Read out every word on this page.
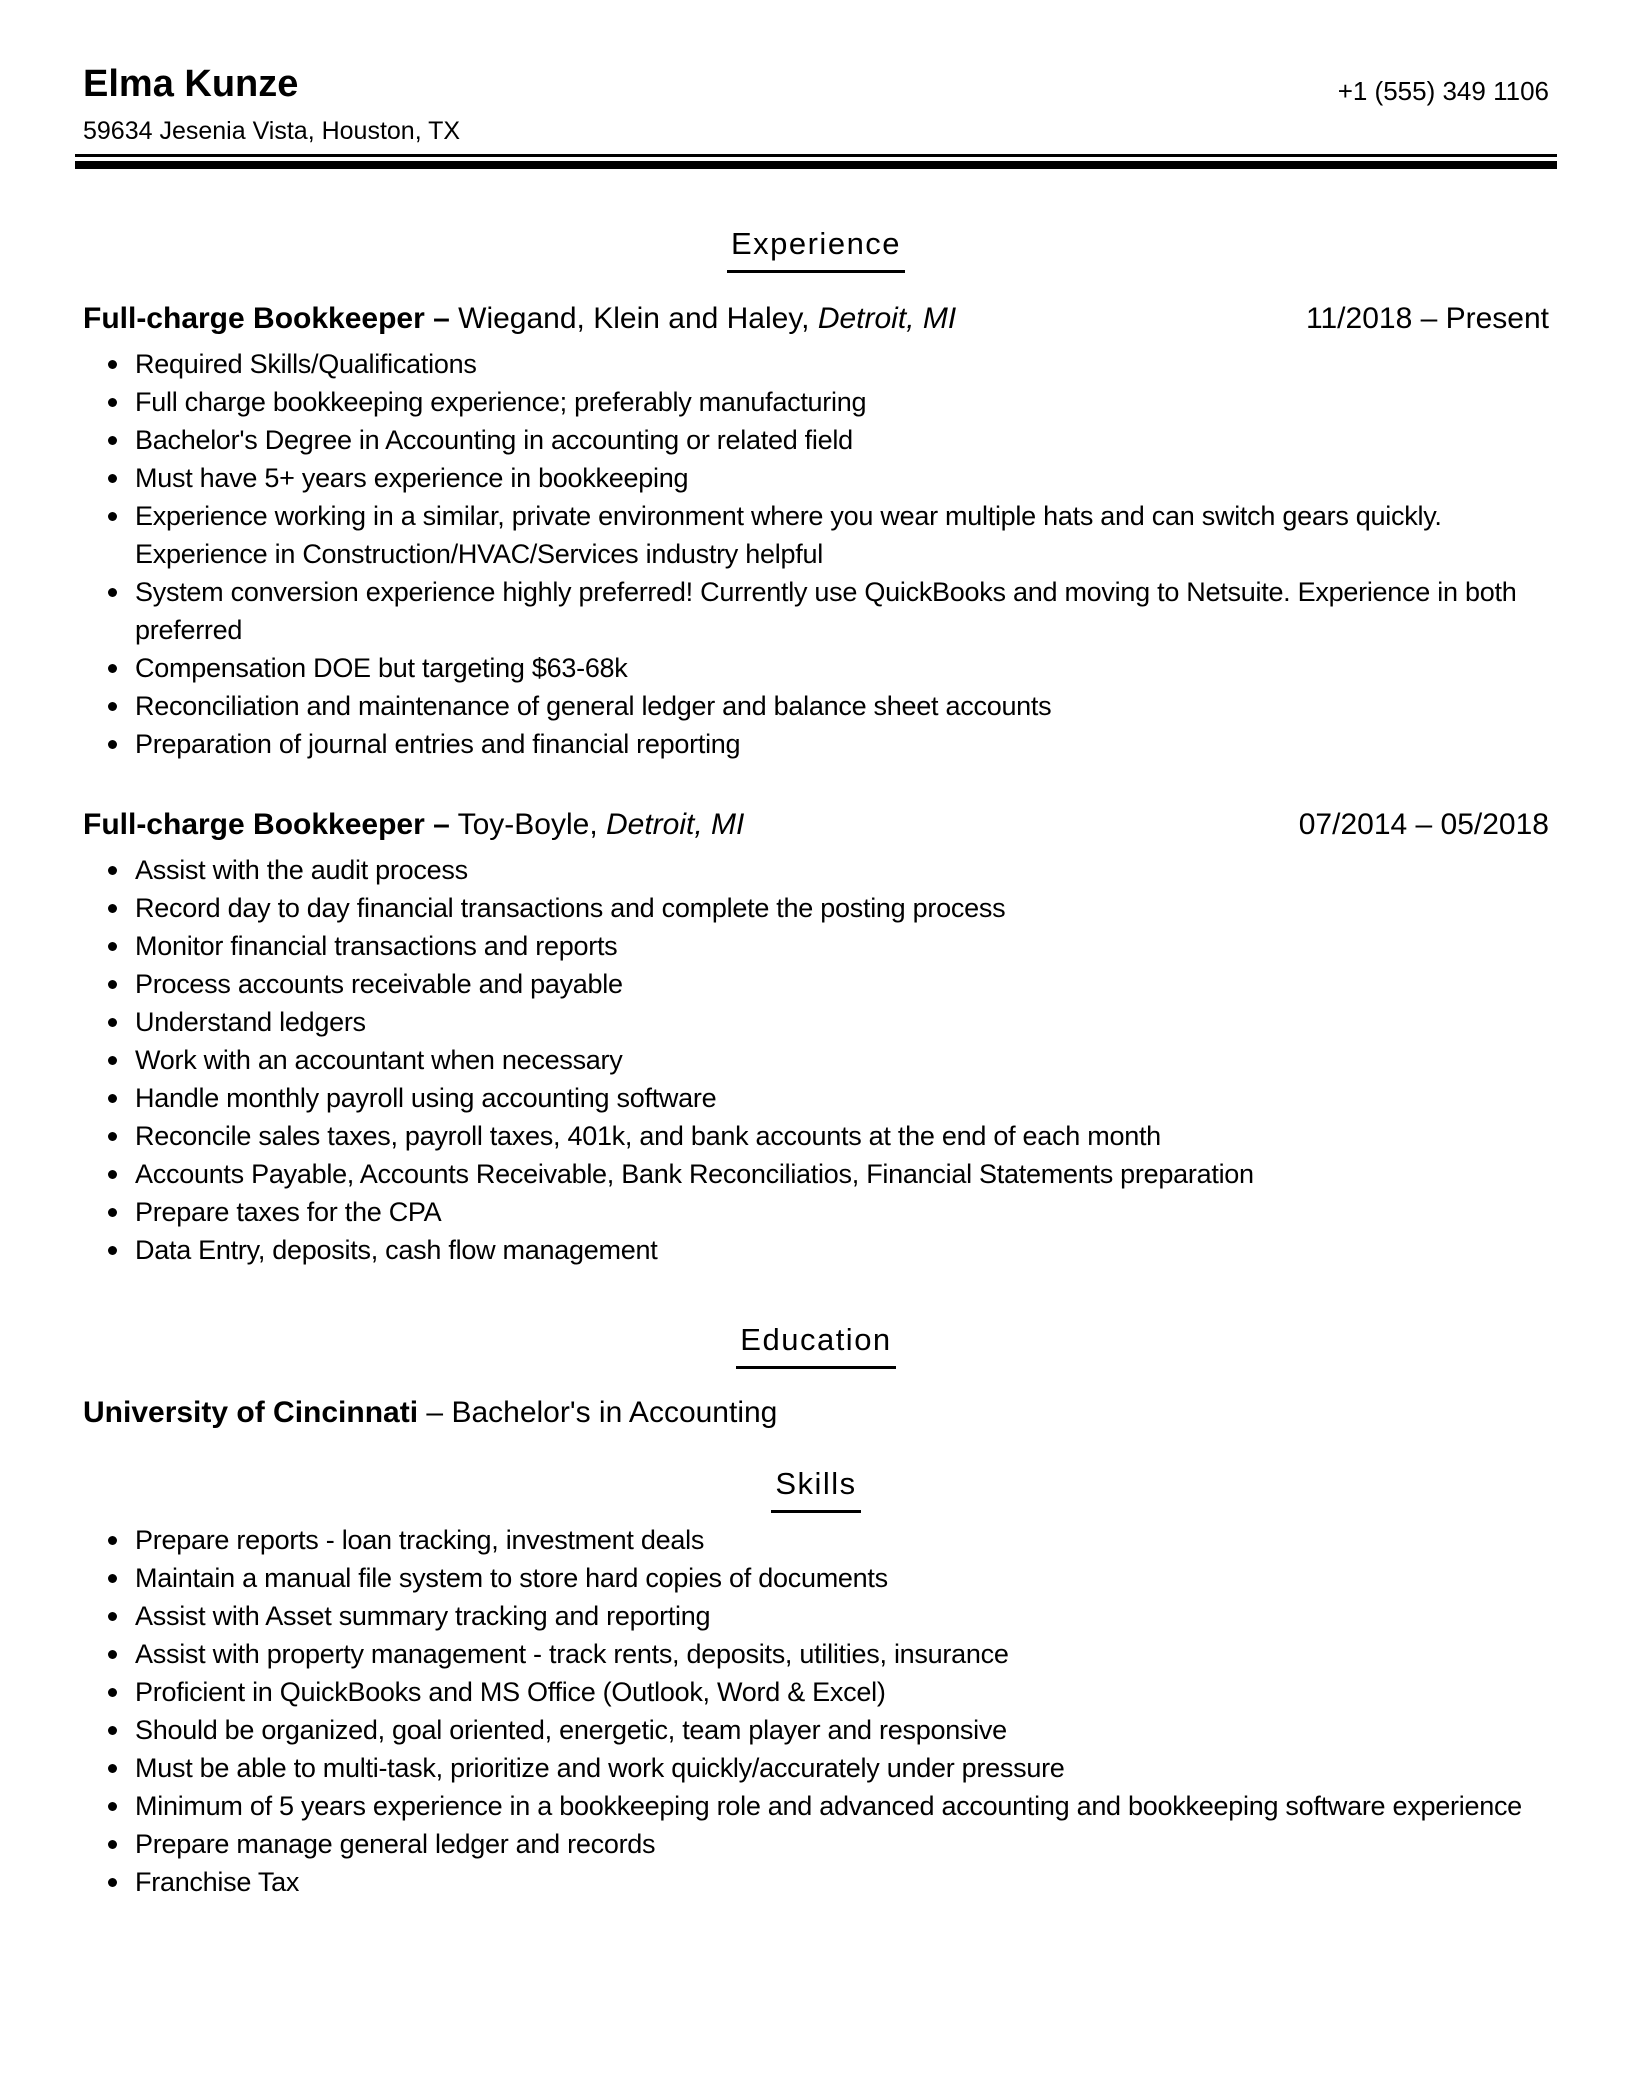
Elma Kunze	+1 (555) 349 1106
59634 Jesenia Vista, Houston, TX
Experience
Full-charge Bookkeeper – Wiegand, Klein and Haley, Detroit, MI	11/2018 – Present
Required Skills/Qualifications
Full charge bookkeeping experience; preferably manufacturing
Bachelor's Degree in Accounting in accounting or related field
Must have 5+ years experience in bookkeeping
Experience working in a similar, private environment where you wear multiple hats and can switch gears quickly. Experience in Construction/HVAC/Services industry helpful
System conversion experience highly preferred! Currently use QuickBooks and moving to Netsuite. Experience in both preferred
Compensation DOE but targeting $63-68k
Reconciliation and maintenance of general ledger and balance sheet accounts
Preparation of journal entries and financial reporting
Full-charge Bookkeeper – Toy-Boyle, Detroit, MI	07/2014 – 05/2018
Assist with the audit process
Record day to day financial transactions and complete the posting process
Monitor financial transactions and reports
Process accounts receivable and payable
Understand ledgers
Work with an accountant when necessary
Handle monthly payroll using accounting software
Reconcile sales taxes, payroll taxes, 401k, and bank accounts at the end of each month
Accounts Payable, Accounts Receivable, Bank Reconciliatios, Financial Statements preparation
Prepare taxes for the CPA
Data Entry, deposits, cash flow management
Education
University of Cincinnati – Bachelor's in Accounting
Skills
Prepare reports - loan tracking, investment deals
Maintain a manual file system to store hard copies of documents
Assist with Asset summary tracking and reporting
Assist with property management - track rents, deposits, utilities, insurance
Proficient in QuickBooks and MS Office (Outlook, Word & Excel)
Should be organized, goal oriented, energetic, team player and responsive
Must be able to multi-task, prioritize and work quickly/accurately under pressure
Minimum of 5 years experience in a bookkeeping role and advanced accounting and bookkeeping software experience
Prepare manage general ledger and records
Franchise Tax
